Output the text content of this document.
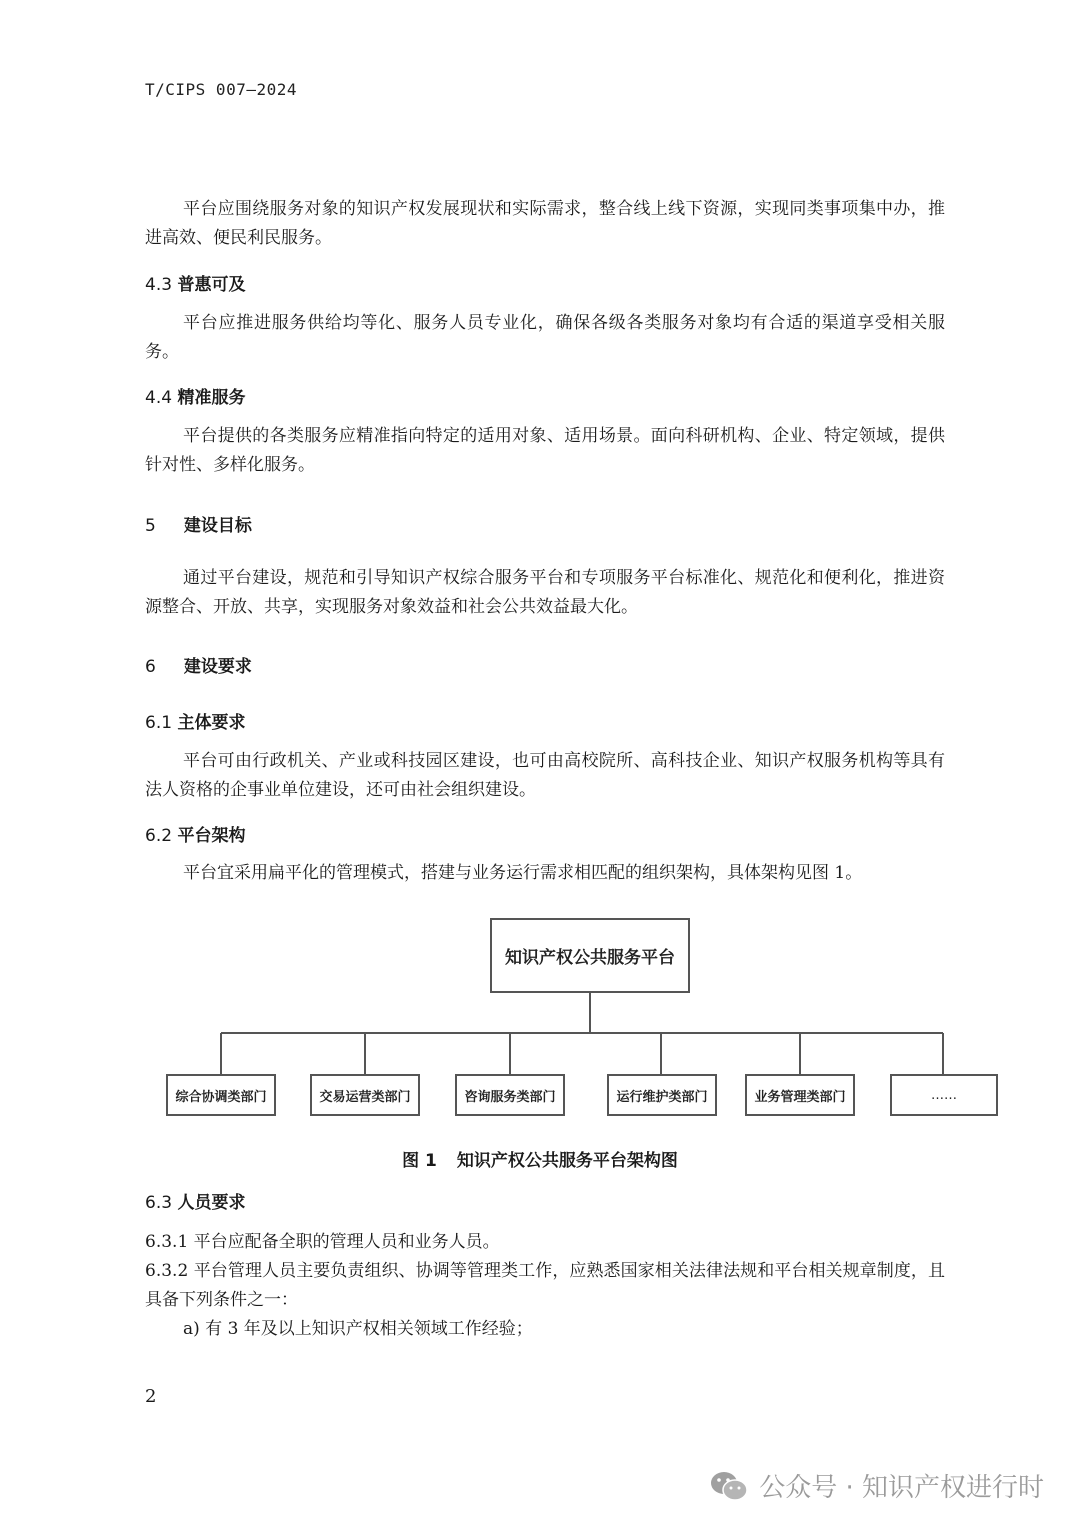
T/CIPS 007—2024

平台应围绕服务对象的知识产权发展现状和实际需求，整合线上线下资源，实现同类事项集中办，推进高效、便民利民服务。

4.3 普惠可及

平台应推进服务供给均等化、服务人员专业化，确保各级各类服务对象均有合适的渠道享受相关服务。

4.4 精准服务

平台提供的各类服务应精准指向特定的适用对象、适用场景。面向科研机构、企业、特定领域，提供针对性、多样化服务。

5 建设目标

通过平台建设，规范和引导知识产权综合服务平台和专项服务平台标准化、规范化和便利化，推进资源整合、开放、共享，实现服务对象效益和社会公共效益最大化。

6 建设要求
6.1 主体要求

平台可由行政机关、产业或科技园区建设，也可由高校院所、高科技企业、知识产权服务机构等具有法人资格的企事业单位建设，还可由社会组织建设。

6.2 平台架构

平台宜采用扁平化的管理模式，搭建与业务运行需求相匹配的组织架构，具体架构见图 1。

知识产权公共服务平台
综合协调类部门	交易运营类部门	咨询服务类部门	运行维护类部门	业务管理类部门	……
图 1 知识产权公共服务平台架构图
6.3 人员要求

6.3.1 平台应配备全职的管理人员和业务人员。

6.3.2 平台管理人员主要负责组织、协调等管理类工作，应熟悉国家相关法律法规和平台相关规章制度，且具备下列条件之一：

a) 有 3 年及以上知识产权相关领域工作经验；
2
公众号 · 知识产权进行时
